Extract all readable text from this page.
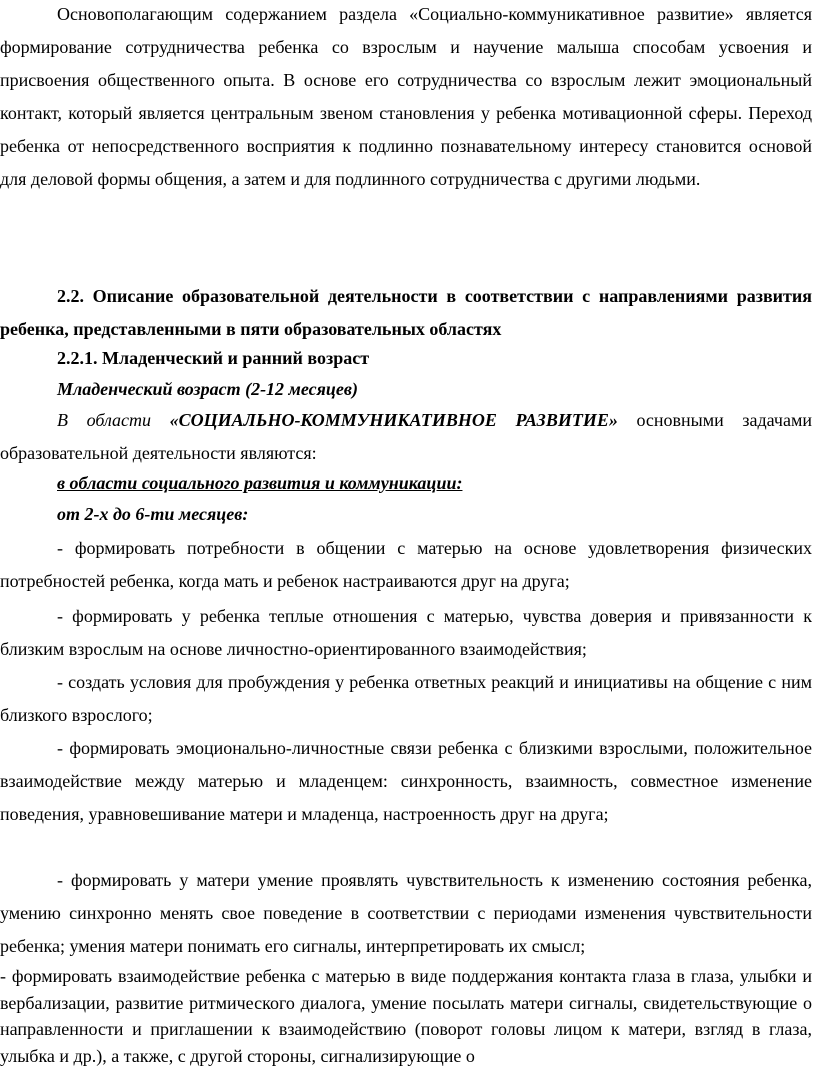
Основополагающим содержанием раздела «Социально-коммуникативное развитие» является формирование сотрудничества ребенка со взрослым и научение малыша способам усвоения и присвоения общественного опыта. В основе его сотрудничества со взрослым лежит эмоциональный контакт, который является центральным звеном становления у ребенка мотивационной сферы. Переход ребенка от непосредственного восприятия к подлинно познавательному интересу становится основой для деловой формы общения, а затем и для подлинного сотрудничества с другими людьми.

2.2. Описание образовательной деятельности в соответствии с направлениями развития ребенка, представленными в пяти образовательных областях

2.2.1. Младенческий и ранний возраст

Младенческий возраст (2-12 месяцев)

В области «СОЦИАЛЬНО-КОММУНИКАТИВНОЕ РАЗВИТИЕ» основными задачами образовательной деятельности являются:

в области социального развития и коммуникации:

от 2-х до 6-ти месяцев:

- формировать потребности в общении с матерью на основе удовлетворения физических потребностей ребенка, когда мать и ребенок настраиваются друг на друга;

- формировать у ребенка теплые отношения с матерью, чувства доверия и привязанности к близким взрослым на основе личностно-ориентированного взаимодействия;

- создать условия для пробуждения у ребенка ответных реакций и инициативы на общение с ним близкого взрослого;

- формировать эмоционально-личностные связи ребенка с близкими взрослыми, положительное взаимодействие между матерью и младенцем: синхронность, взаимность, совместное изменение поведения, уравновешивание матери и младенца, настроенность друг на друга;

- формировать у матери умение проявлять чувствительность к изменению состояния ребенка, умению синхронно менять свое поведение в соответствии с периодами изменения чувствительности ребенка; умения матери понимать его сигналы, интерпретировать их смысл;

- формировать взаимодействие ребенка с матерью в виде поддержания контакта глаза в глаза, улыбки и вербализации, развитие ритмического диалога, умение посылать матери сигналы, свидетельствующие о направленности и приглашении к взаимодействию (поворот головы лицом к матери, взгляд в глаза, улыбка и др.), а также, с другой стороны, сигнализирующие о
